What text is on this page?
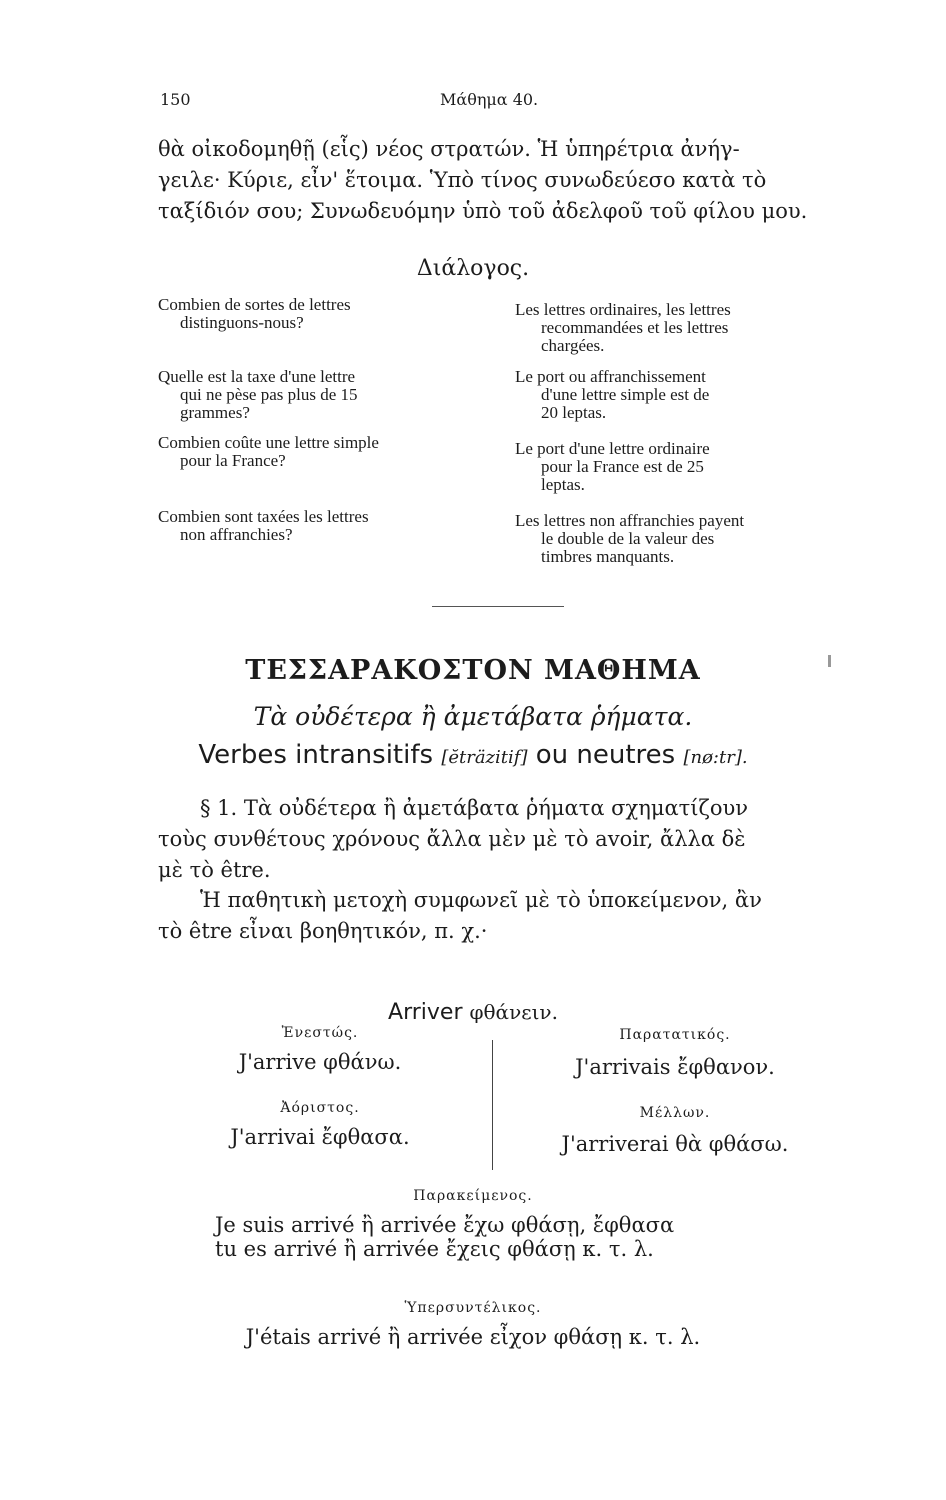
150	Μάθημα 40.
θὰ οἰκοδομηθῇ (εἷς) νέος στρατών. Ἡ ὑπηρέτρια ἀνήγ-
γειλε· Κύριε, εἶν' ἕτοιμα. Ὑπὸ τίνος συνωδεύεσο κατὰ τὸ
ταξίδιόν σου; Συνωδευόμην ὑπὸ τοῦ ἀδελφοῦ τοῦ φίλου μου.
Διάλογος.
Combien de sortes de lettres
distinguons-nous?
Les lettres ordinaires, les lettres
recommandées et les lettres
chargées.
Quelle est la taxe d'une lettre
qui ne pèse pas plus de 15
grammes?
Le port ou affranchissement
d'une lettre simple est de
20 leptas.
Combien coûte une lettre simple
pour la France?
Le port d'une lettre ordinaire
pour la France est de 25
leptas.
Combien sont taxées les lettres
non affranchies?
Les lettres non affranchies payent
le double de la valeur des
timbres manquants.
ΤΕΣΣΑΡΑΚΟΣΤΟΝ ΜΑΘΗΜΑ
Τὰ οὐδέτερα ἢ ἀμετάβατα ῥήματα.
Verbes intransitifs [ĕträzitif] ou neutres [nø:tr].
§ 1. Τὰ οὐδέτερα ἢ ἀμετάβατα ῥήματα σχηματίζουν
τοὺς συνθέτους χρόνους ἄλλα μὲν μὲ τὸ avoir, ἄλλα δὲ
μὲ τὸ être.
Ἡ παθητικὴ μετοχὴ συμφωνεῖ μὲ τὸ ὑποκείμενον, ἂν
τὸ être εἶναι βοηθητικόν, π. χ.·
Arriver φθάνειν.
Ἐνεστώς.
J'arrive φθάνω.
Παρατατικός.
J'arrivais ἔφθανον.
Ἀόριστος.
J'arrivai ἔφθασα.
Μέλλων.
J'arriverai θὰ φθάσω.
Παρακείμενος.
Je suis arrivé ἢ arrivée ἔχω φθάσῃ, ἔφθασα
tu es arrivé ἢ arrivée ἔχεις φθάσῃ κ. τ. λ.
Ὑπερσυντέλικος.
J'étais arrivé ἢ arrivée εἶχον φθάσῃ κ. τ. λ.
